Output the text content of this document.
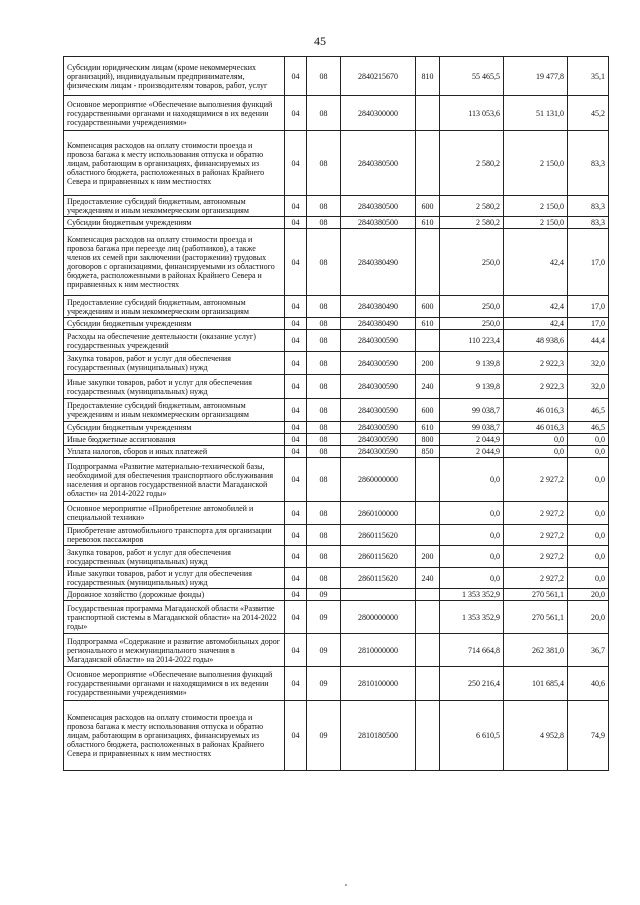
45
Субсидии юридическим лицам (кроме некоммерческих организаций), индивидуальным предпринимателям, физическим лицам - производителям товаров, работ, услуг	04	08	2840215670	810	55 465,5	19 477,8	35,1
Основное мероприятие «Обеспечение выполнения функций государственными органами и находящимися в их ведении государственными учреждениями»	04	08	2840300000		113 053,6	51 131,0	45,2
Компенсация расходов на оплату стоимости проезда и провоза багажа к месту использования отпуска и обратно лицам, работающим в организациях, финансируемых из областного бюджета, расположенных в районах Крайнего Севера и приравненных к ним местностях	04	08	2840380500		2 580,2	2 150,0	83,3
Предоставление субсидий бюджетным, автономным учреждениям и иным некоммерческим организациям	04	08	2840380500	600	2 580,2	2 150,0	83,3
Субсидии бюджетным учреждениям	04	08	2840380500	610	2 580,2	2 150,0	83,3
Компенсация расходов на оплату стоимости проезда и провоза багажа при переезде лиц (работников), а также членов их семей при заключении (расторжении) трудовых договоров с организациями, финансируемыми из областного бюджета, расположенными в районах Крайнего Севера и приравненных к ним местностях	04	08	2840380490		250,0	42,4	17,0
Предоставление субсидий бюджетным, автономным учреждениям и иным некоммерческим организациям	04	08	2840380490	600	250,0	42,4	17,0
Субсидии бюджетным учреждениям	04	08	2840380490	610	250,0	42,4	17,0
Расходы на обеспечение деятельности (оказание услуг) государственных учреждений	04	08	2840300590		110 223,4	48 938,6	44,4
Закупка товаров, работ и услуг для обеспечения государственных (муниципальных) нужд	04	08	2840300590	200	9 139,8	2 922,3	32,0
Иные закупки товаров, работ и услуг для обеспечения государственных (муниципальных) нужд	04	08	2840300590	240	9 139,8	2 922,3	32,0
Предоставление субсидий бюджетным, автономным учреждениям и иным некоммерческим организациям	04	08	2840300590	600	99 038,7	46 016,3	46,5
Субсидии бюджетным учреждениям	04	08	2840300590	610	99 038,7	46 016,3	46,5
Иные бюджетные ассигнования	04	08	2840300590	800	2 044,9	0,0	0,0
Уплата налогов, сборов и иных платежей	04	08	2840300590	850	2 044,9	0,0	0,0
Подпрограмма «Развитие материально-технической базы, необходимой для обеспечения транспортного обслуживания населения и органов государственной власти Магаданской области» на 2014-2022 годы»	04	08	2860000000		0,0	2 927,2	0,0
Основное мероприятие «Приобретение автомобилей и специальной техники»	04	08	2860100000		0,0	2 927,2	0,0
Приобретение автомобильного транспорта для организации перевозок пассажиров	04	08	2860115620		0,0	2 927,2	0,0
Закупка товаров, работ и услуг для обеспечения государственных (муниципальных) нужд	04	08	2860115620	200	0,0	2 927,2	0,0
Иные закупки товаров, работ и услуг для обеспечения государственных (муниципальных) нужд	04	08	2860115620	240	0,0	2 927,2	0,0
Дорожное хозяйство (дорожные фонды)	04	09			1 353 352,9	270 561,1	20,0
Государственная программа Магаданской области «Развитие транспортной системы в Магаданской области» на 2014-2022 годы»	04	09	2800000000		1 353 352,9	270 561,1	20,0
Подпрограмма «Содержание и развитие автомобильных дорог регионального и межмуниципального значения в Магаданской области» на 2014-2022 годы»	04	09	2810000000		714 664,8	262 381,0	36,7
Основное мероприятие «Обеспечение выполнения функций государственными органами и находящимися в их ведении государственными учреждениями»	04	09	2810100000		250 216,4	101 685,4	40,6
Компенсация расходов на оплату стоимости проезда и провоза багажа к месту использования отпуска и обратно лицам, работающим в организациях, финансируемых из областного бюджета, расположенных в районах Крайнего Севера и приравненных к ним местностях	04	09	2810180500		6 610,5	4 952,8	74,9
